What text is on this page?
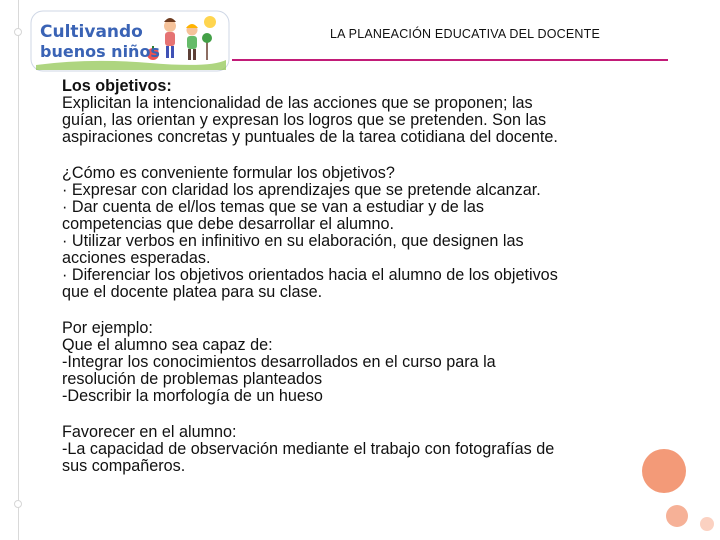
Cultivando
buenos niños
LA PLANEACIÓN EDUCATIVA DEL DOCENTE

Los objetivos:

Explicitan la intencionalidad de las acciones que se proponen; las

guían, las orientan y expresan los logros que se pretenden. Son las

aspiraciones concretas y puntuales de la tarea cotidiana del docente.

¿Cómo es conveniente formular los objetivos?

· Expresar con claridad los aprendizajes que se pretende alcanzar.

· Dar cuenta de el/los temas que se van a estudiar y de las

competencias que debe desarrollar el alumno.

· Utilizar verbos en infinitivo en su elaboración, que designen las

acciones esperadas.

· Diferenciar los objetivos orientados hacia el alumno de los objetivos

que el docente platea para su clase.

Por ejemplo:

Que el alumno sea capaz de:

-Integrar los conocimientos desarrollados en el curso para la

resolución de problemas planteados

-Describir la morfología de un hueso

Favorecer en el alumno:

-La capacidad de observación mediante el trabajo con fotografías de

sus compañeros.
